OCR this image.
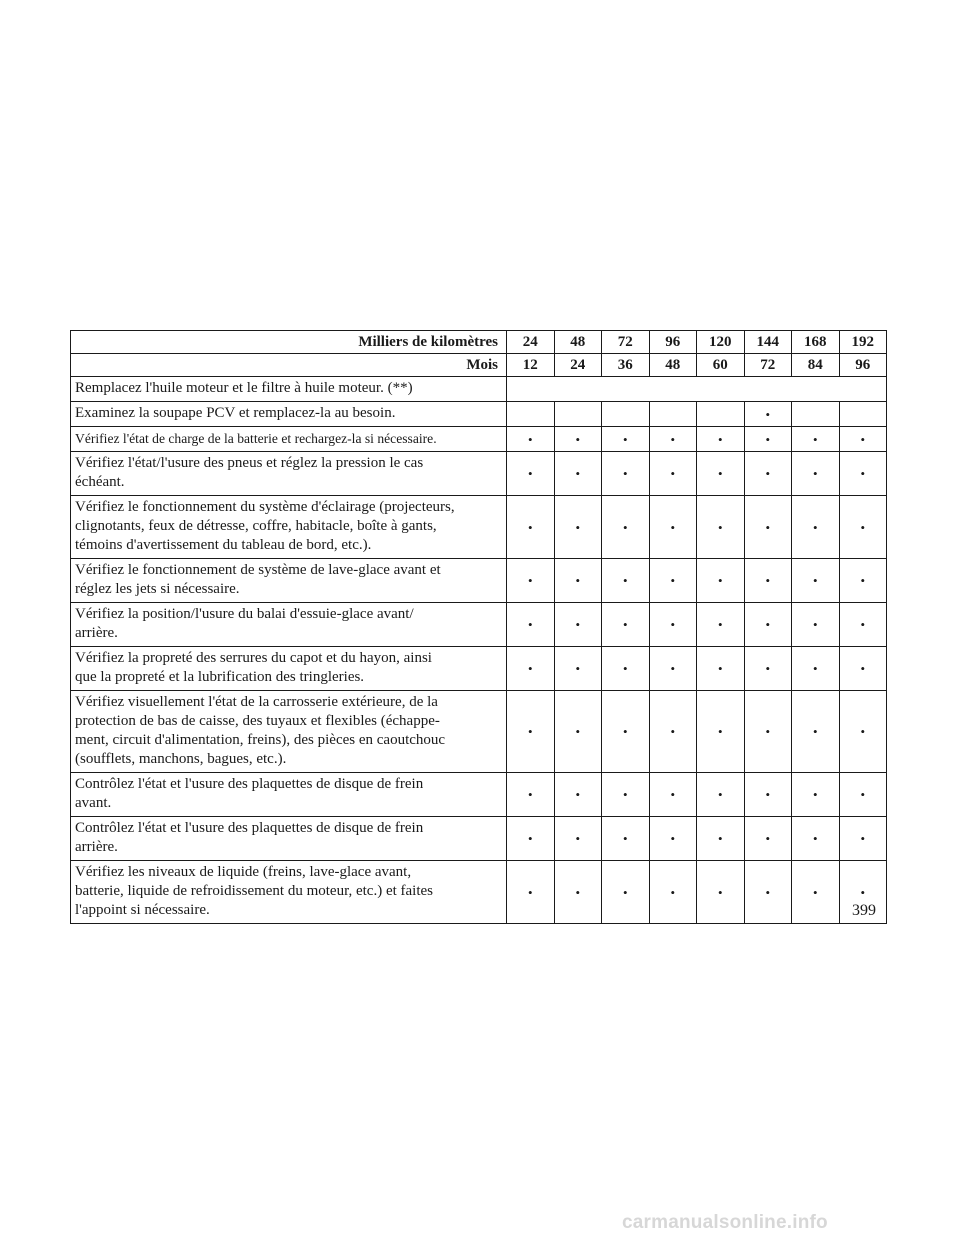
Milliers de kilomètres	24	48	72	96	120	144	168	192
Mois	12	24	36	48	60	72	84	96
Remplacez l'huile moteur et le filtre à huile moteur. (**)								
Examinez la soupape PCV et remplacez-la au besoin.						•		
Vérifiez l'état de charge de la batterie et rechargez-la si nécessaire.	•	•	•	•	•	•	•	•
Vérifiez l'état/l'usure des pneus et réglez la pression le cas
échéant.	•	•	•	•	•	•	•	•
Vérifiez le fonctionnement du système d'éclairage (projecteurs,
clignotants, feux de détresse, coffre, habitacle, boîte à gants,
témoins d'avertissement du tableau de bord, etc.).	•	•	•	•	•	•	•	•
Vérifiez le fonctionnement de système de lave-glace avant et
réglez les jets si nécessaire.	•	•	•	•	•	•	•	•
Vérifiez la position/l'usure du balai d'essuie-glace avant/
arrière.	•	•	•	•	•	•	•	•
Vérifiez la propreté des serrures du capot et du hayon, ainsi
que la propreté et la lubrification des tringleries.	•	•	•	•	•	•	•	•
Vérifiez visuellement l'état de la carrosserie extérieure, de la
protection de bas de caisse, des tuyaux et flexibles (échappe-
ment, circuit d'alimentation, freins), des pièces en caoutchouc
(soufflets, manchons, bagues, etc.).	•	•	•	•	•	•	•	•
Contrôlez l'état et l'usure des plaquettes de disque de frein
avant.	•	•	•	•	•	•	•	•
Contrôlez l'état et l'usure des plaquettes de disque de frein
arrière.	•	•	•	•	•	•	•	•
Vérifiez les niveaux de liquide (freins, lave-glace avant,
batterie, liquide de refroidissement du moteur, etc.) et faites
l'appoint si nécessaire.	•	•	•	•	•	•	•	•
399
carmanualsonline.info
